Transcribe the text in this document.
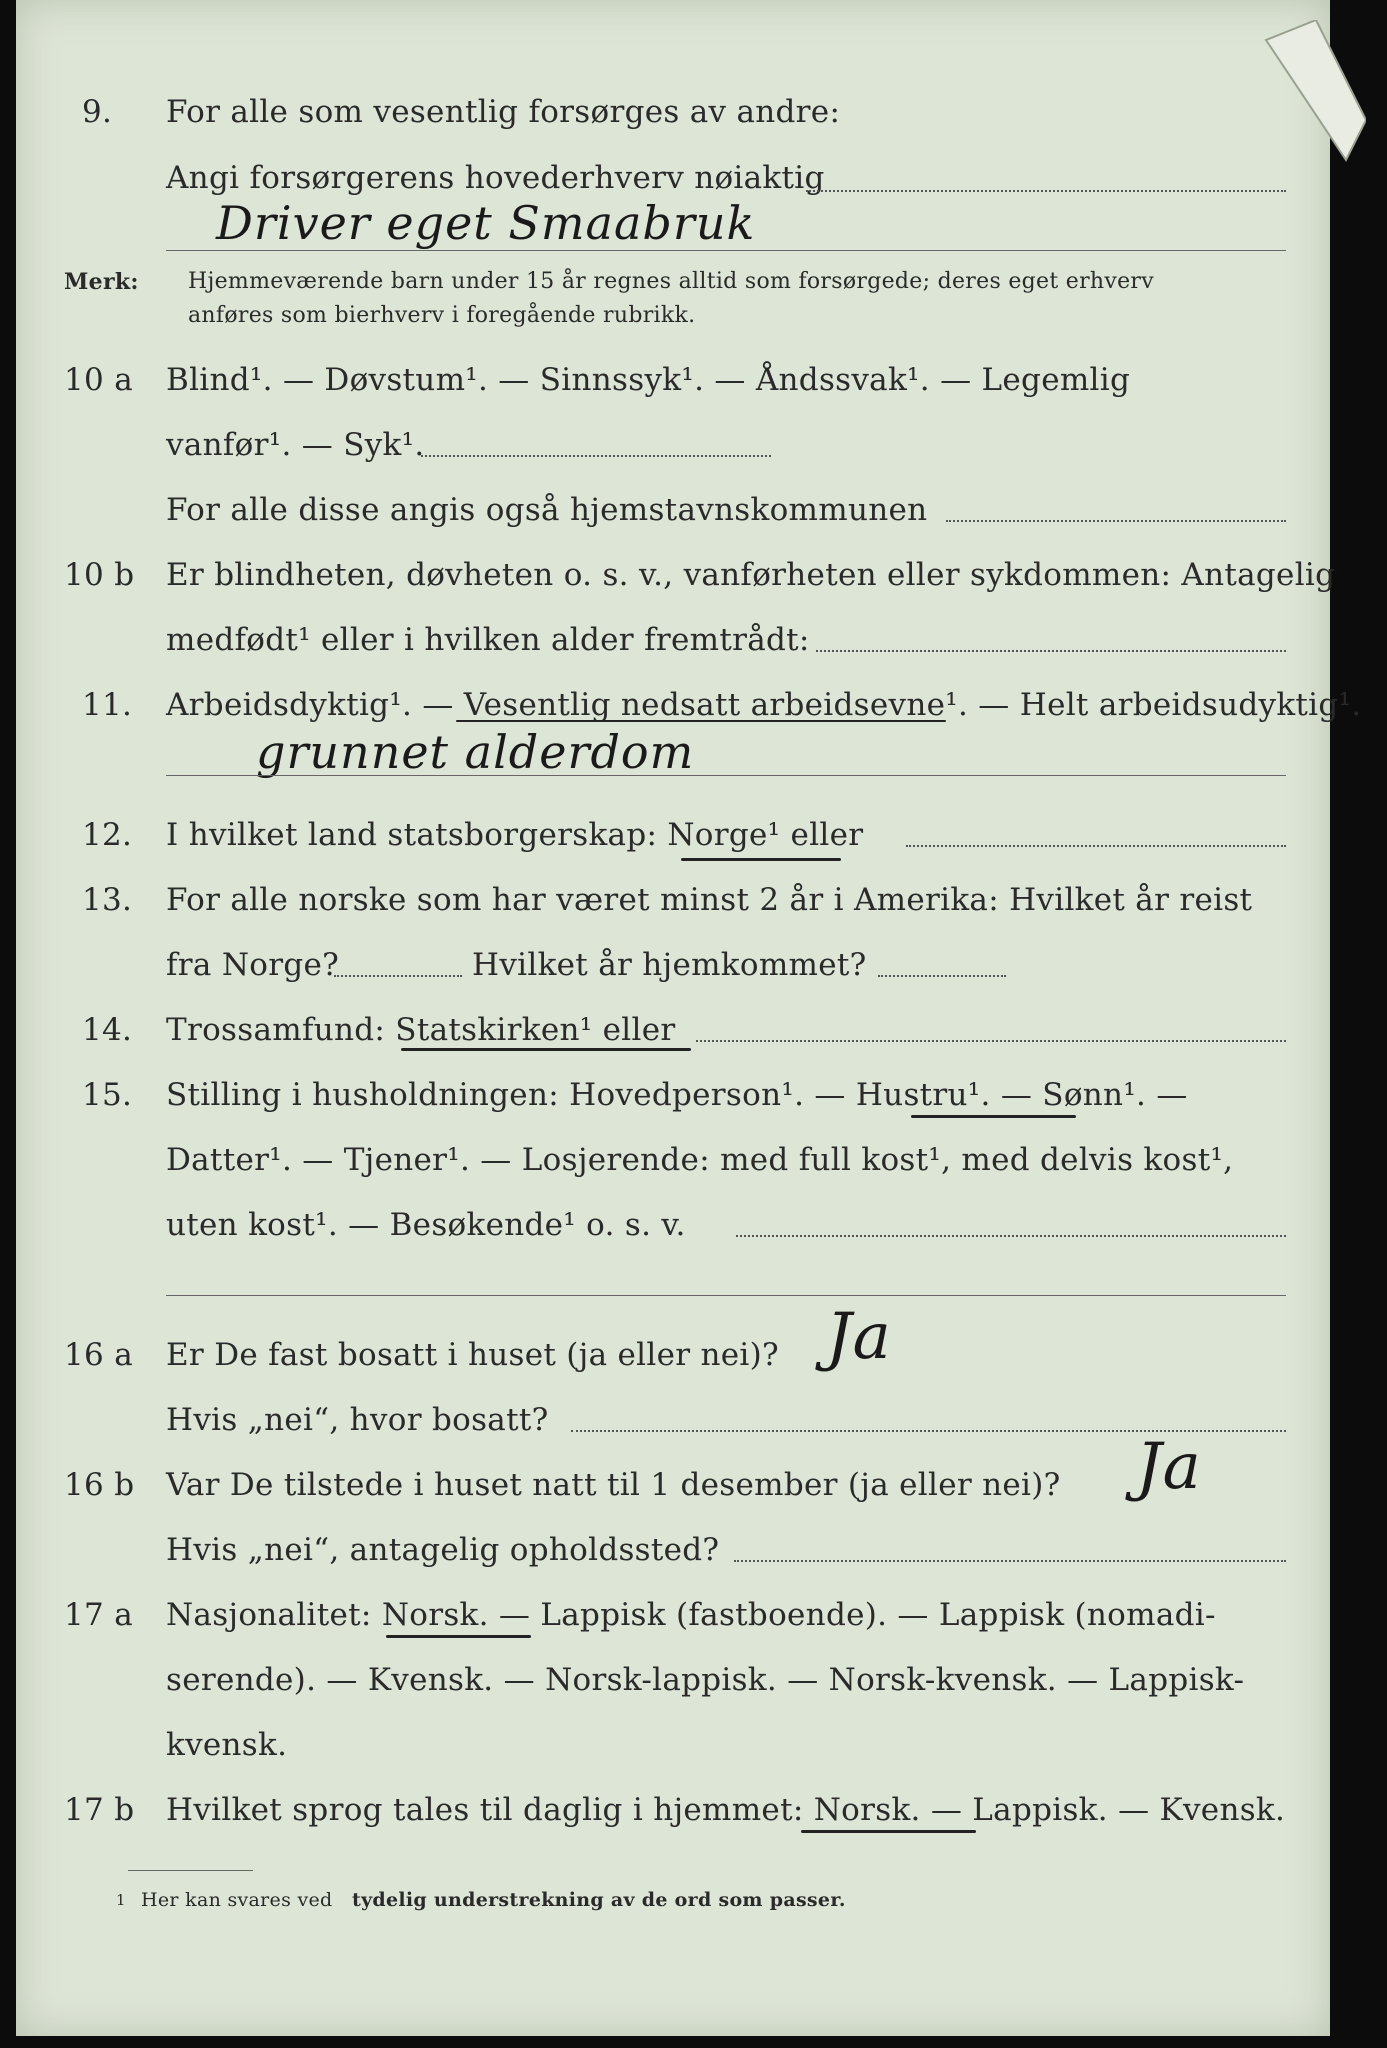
9. For alle som vesentlig forsørges av andre:
Angi forsørgerens hovederhverv nøiaktig
Driver eget Smaabruk
Merk: Hjemmeværende barn under 15 år regnes alltid som forsørgede; deres eget erhverv
anføres som bierhverv i foregående rubrikk.
10 a Blind¹. — Døvstum¹. — Sinnssyk¹. — Åndssvak¹. — Legemlig
vanfør¹. — Syk¹.
For alle disse angis også hjemstavnskommunen
10 b Er blindheten, døvheten o. s. v., vanførheten eller sykdommen: Antagelig
medfødt¹ eller i hvilken alder fremtrådt:
11. Arbeidsdyktig¹. — Vesentlig nedsatt arbeidsevne¹. — Helt arbeidsudyktig¹.
grunnet alderdom
12. I hvilket land statsborgerskap: Norge¹ eller
13. For alle norske som har været minst 2 år i Amerika: Hvilket år reist
fra Norge?	Hvilket år hjemkommet?
14. Trossamfund: Statskirken¹ eller
15. Stilling i husholdningen: Hovedperson¹. — Hustru¹. — Sønn¹. —
Datter¹. — Tjener¹. — Losjerende: med full kost¹, med delvis kost¹,
uten kost¹. — Besøkende¹ o. s. v.
16 a Er De fast bosatt i huset (ja eller nei)? Ja
Hvis „nei“, hvor bosatt?
16 b Var De tilstede i huset natt til 1 desember (ja eller nei)? Ja
Hvis „nei“, antagelig opholdssted?
17 a Nasjonalitet: Norsk. — Lappisk (fastboende). — Lappisk (nomadi-
serende). — Kvensk. — Norsk-lappisk. — Norsk-kvensk. — Lappisk-
kvensk.
17 b Hvilket sprog tales til daglig i hjemmet: Norsk. — Lappisk. — Kvensk.
1 Her kan svares ved tydelig understrekning av de ord som passer.
